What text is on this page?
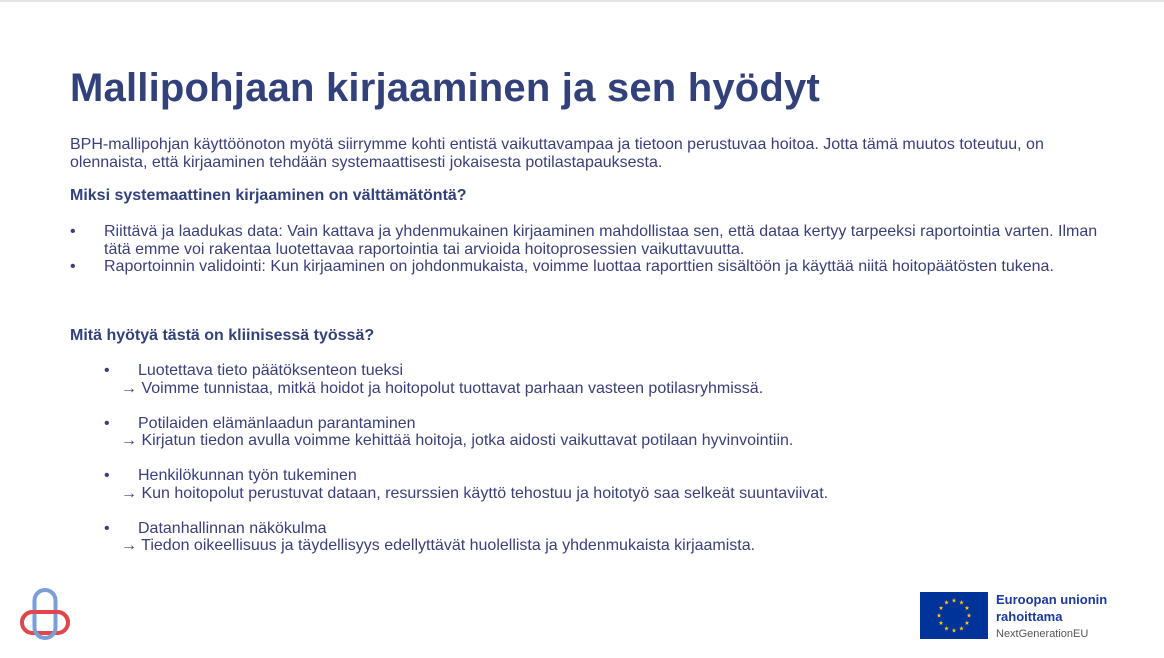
Mallipohjaan kirjaaminen ja sen hyödyt

BPH-mallipohjan käyttöönoton myötä siirrymme kohti entistä vaikuttavampaa ja tietoon perustuvaa hoitoa. Jotta tämä muutos toteutuu, on olennaista, että kirjaaminen tehdään systemaattisesti jokaisesta potilastapauksesta.

Miksi systemaattinen kirjaaminen on välttämätöntä?
• Riittävä ja laadukas data: Vain kattava ja yhdenmukainen kirjaaminen mahdollistaa sen, että dataa kertyy tarpeeksi raportointia varten. Ilman tätä emme voi rakentaa luotettavaa raportointia tai arvioida hoitoprosessien vaikuttavuutta.
• Raportoinnin validointi: Kun kirjaaminen on johdonmukaista, voimme luottaa raporttien sisältöön ja käyttää niitä hoitopäätösten tukena.
Mitä hyötyä tästä on kliinisessä työssä?
• Luotettava tieto päätöksenteon tueksi
→ Voimme tunnistaa, mitkä hoidot ja hoitopolut tuottavat parhaan vasteen potilasryhmissä.
• Potilaiden elämänlaadun parantaminen
→ Kirjatun tiedon avulla voimme kehittää hoitoja, jotka aidosti vaikuttavat potilaan hyvinvointiin.
• Henkilökunnan työn tukeminen
→ Kun hoitopolut perustuvat dataan, resurssien käyttö tehostuu ja hoitotyö saa selkeät suuntaviivat.
• Datanhallinnan näkökulma
→ Tiedon oikeellisuus ja täydellisyys edellyttävät huolellista ja yhdenmukaista kirjaamista.
Euroopan unionin
rahoittama
NextGenerationEU
